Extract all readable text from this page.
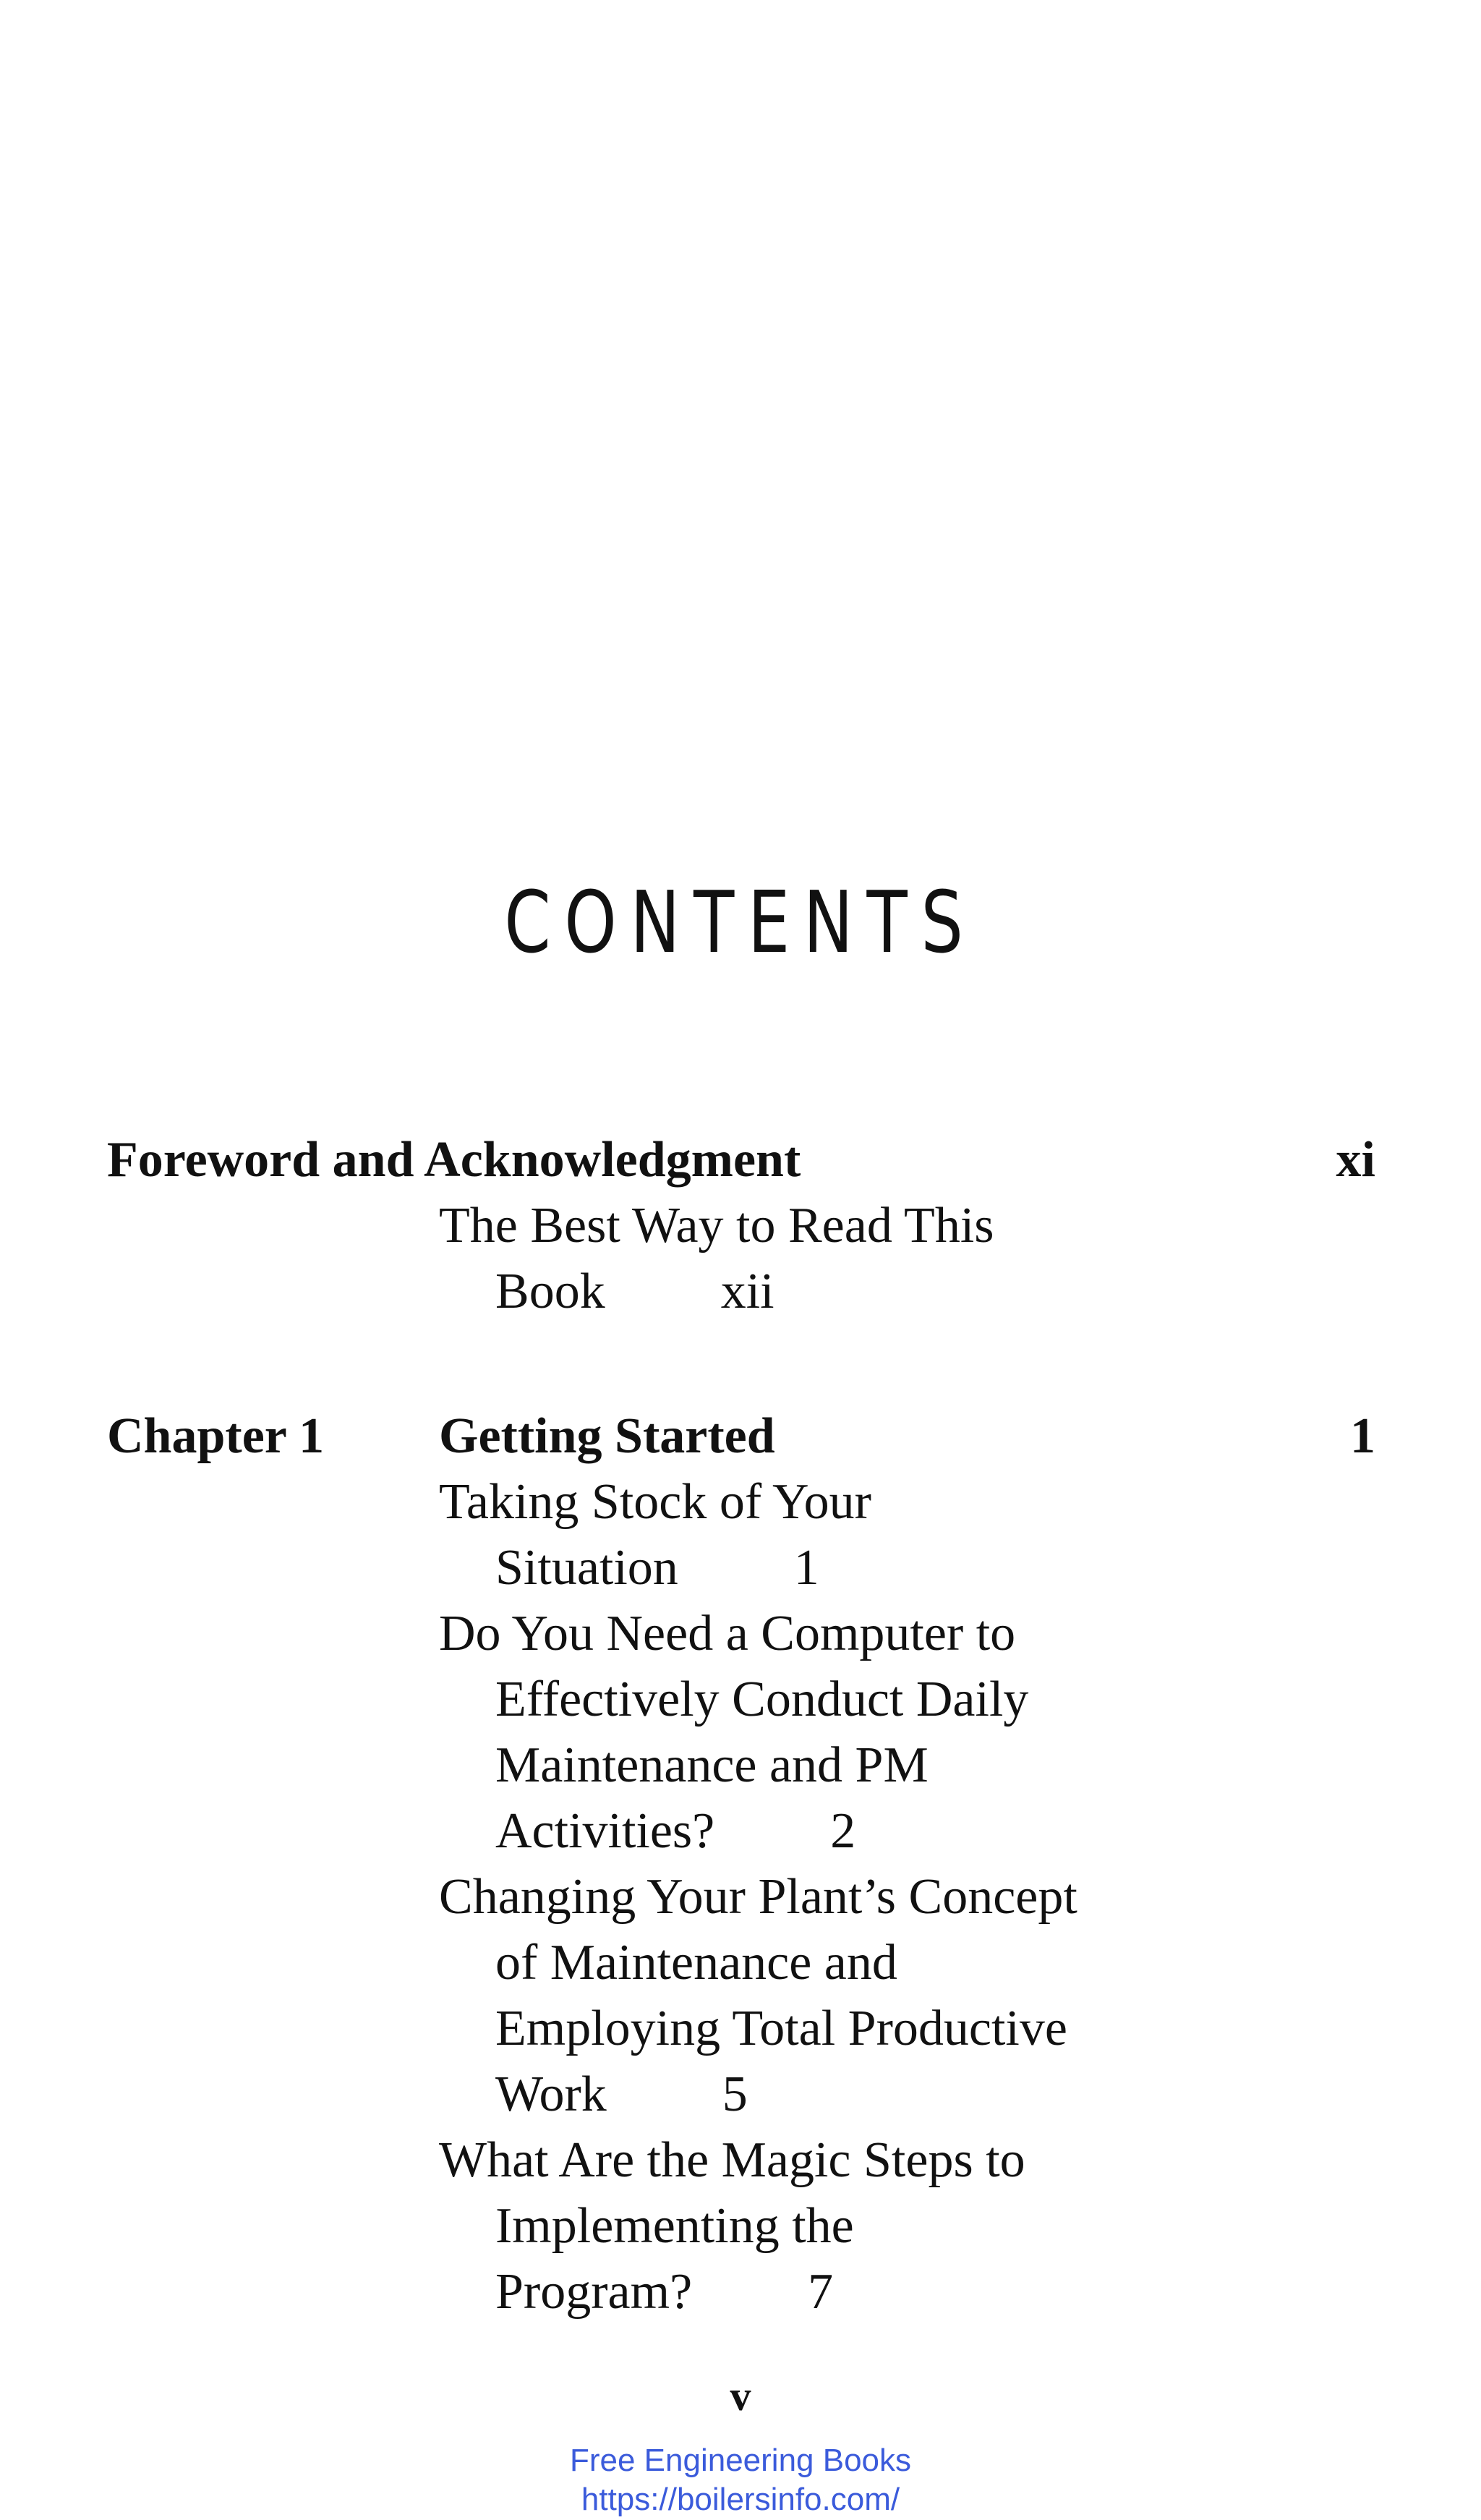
CONTENTS
Foreword and Acknowledgment	xi
The Best Way to Read This
Book xii
Chapter 1 Getting Started	1
Taking Stock of Your
Situation 1
Do You Need a Computer to
Effectively Conduct Daily
Maintenance and PM
Activities? 2
Changing Your Plant’s Concept
of Maintenance and
Employing Total Productive
Work 5
What Are the Magic Steps to
Implementing the
Program? 7
v
Free Engineering Books
https://boilersinfo.com/
